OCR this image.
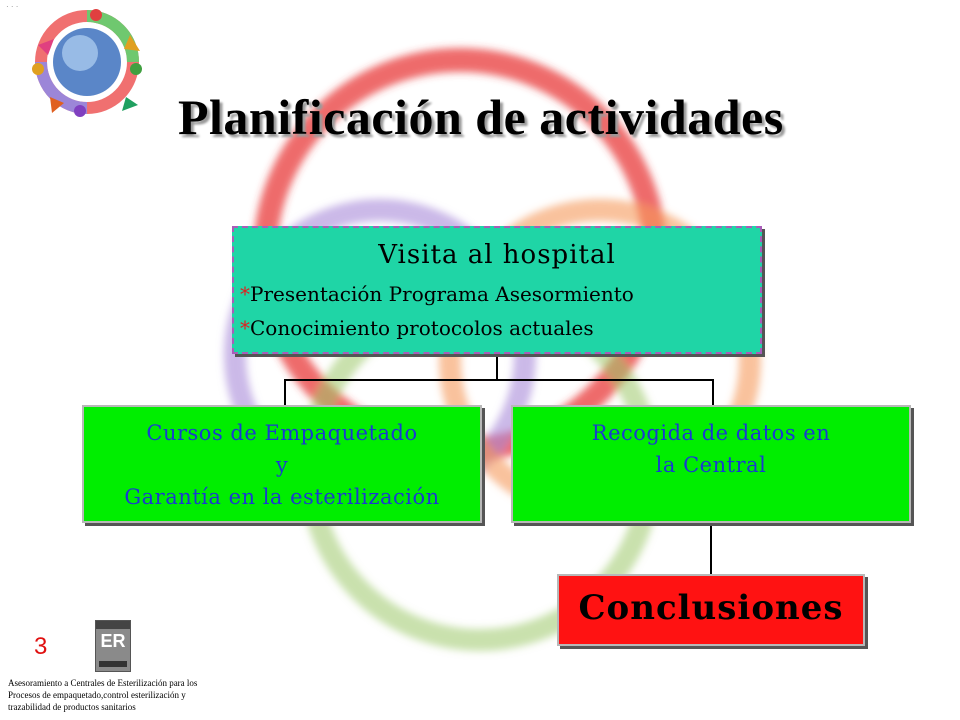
· · ·
Planificación de actividades
Visita al hospital
*Presentación Programa Asesormiento
*Conocimiento protocolos actuales
Cursos de Empaquetado
y
Garantía en la esterilización
Recogida de datos en
la Central
Conclusiones
3	ER
Asesoramiento a Centrales de Esterilización para los
Procesos de empaquetado,control esterilización y
trazabilidad de productos sanitarios
